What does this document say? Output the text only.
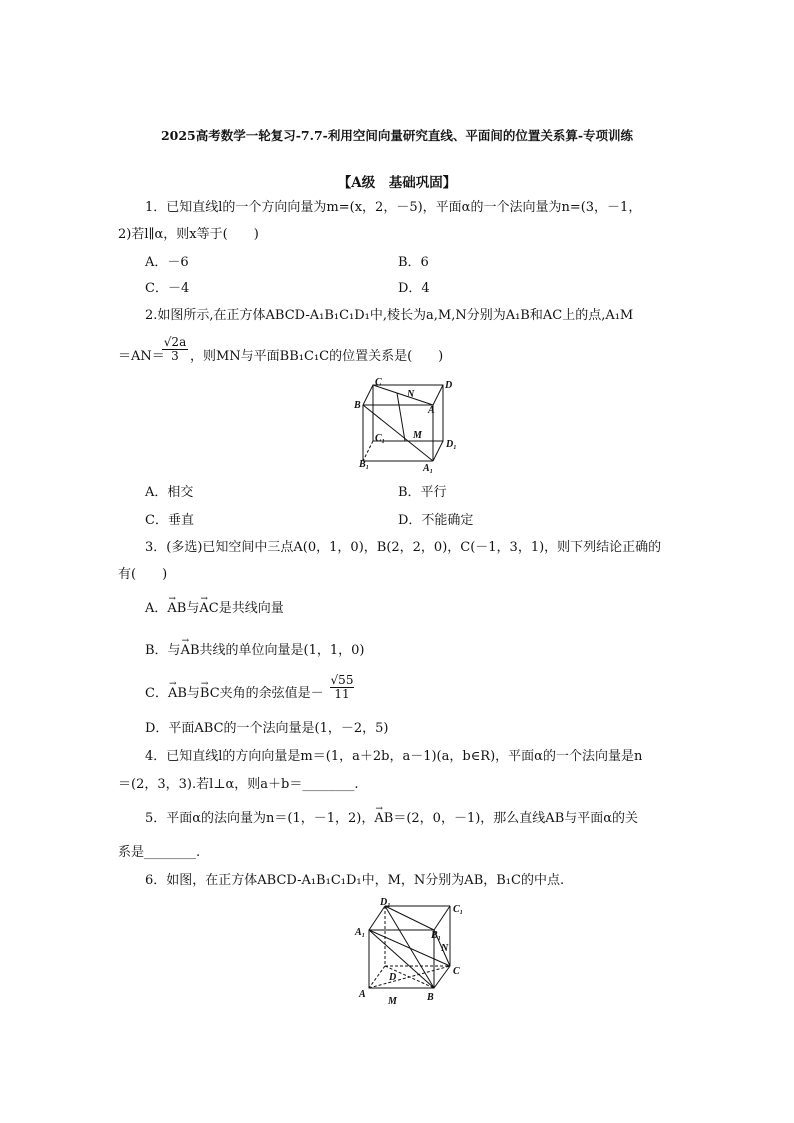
2025高考数学一轮复习-7.7-利用空间向量研究直线、平面间的位置关系算-专项训练
【A级　基础巩固】
1．已知直线l的一个方向向量为m=(x，2，－5)，平面α的一个法向量为n=(3，－1，
2)若l∥α，则x等于(　　)
A．－6	B．6
C．－4	D．4
2.如图所示,在正方体ABCD-A₁B₁C₁D₁中,棱长为a,M,N分别为A₁B和AC上的点,A₁M
＝AN＝
$\frac{√2a}{3}$ ，则MN与平面BB₁C₁C的位置关系是(　　)
C	D
N
B	A
M
C₁
D₁
B₁	A₁
A．相交	B．平行
C．垂直	D．不能确定
3．(多选)已知空间中三点A(0，1，0)，B(2，2，0)，C(－1，3，1)，则下列结论正确的
有(　　)
A．→ AB与→ AC是共线向量
B．与→ AB共线的单位向量是(1，1，0)
C．→ AB与→ BC夹角的余弦值是－ $\frac{√55}{11}$
D．平面ABC的一个法向量是(1，－2，5)
4．已知直线l的方向向量是m＝(1，a＋2b，a－1)(a，b∈R)，平面α的一个法向量是n
＝(2，3，3).若l⊥α，则a＋b＝________.
5．平面α的法向量为n＝(1，－1，2)，→ AB＝(2，0，－1)，那么直线AB与平面α的关
系是________.
6．如图，在正方体ABCD-A₁B₁C₁D₁中，M，N分别为AB，B₁C的中点.
D₁
C₁
A₁	B₁
N
D
C
A
M	B
